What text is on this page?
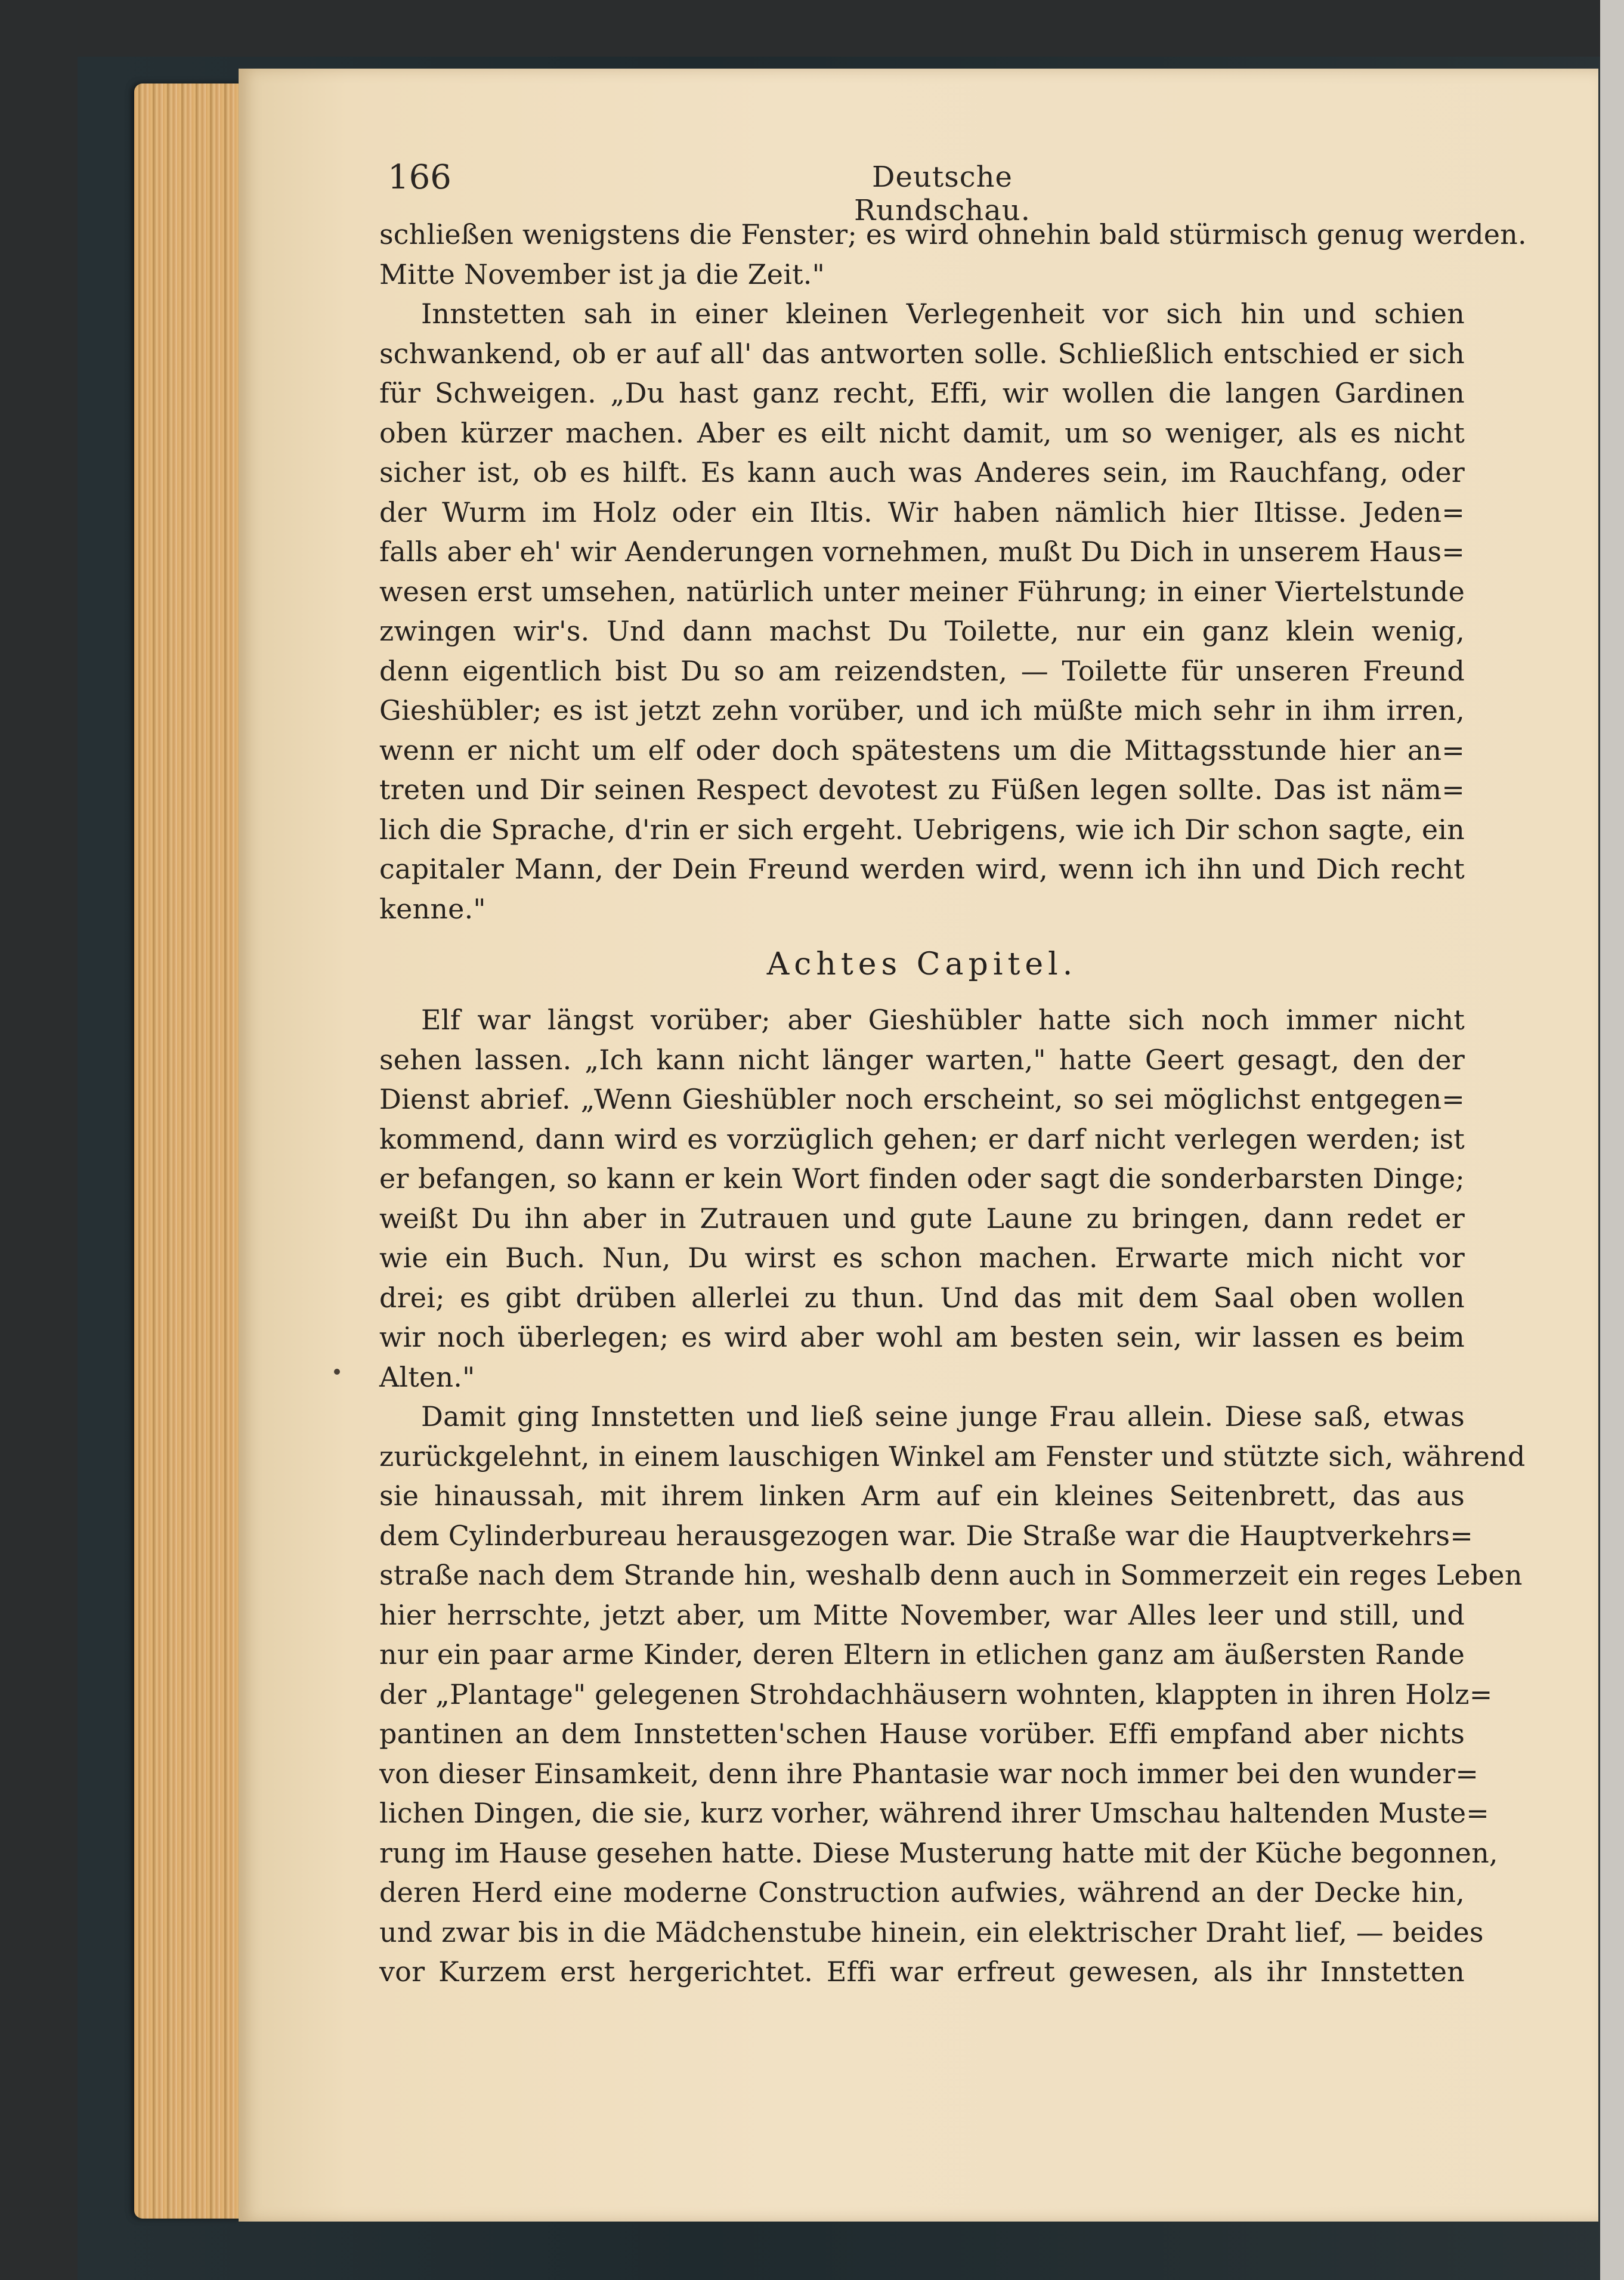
166	Deutsche Rundschau.
schließen wenigstens die Fenster; es wird ohnehin bald stürmisch genug werden.
Mitte November ist ja die Zeit."
Innstetten sah in einer kleinen Verlegenheit vor sich hin und schien
schwankend, ob er auf all' das antworten solle. Schließlich entschied er sich
für Schweigen. „Du hast ganz recht, Effi, wir wollen die langen Gardinen
oben kürzer machen. Aber es eilt nicht damit, um so weniger, als es nicht
sicher ist, ob es hilft. Es kann auch was Anderes sein, im Rauchfang, oder
der Wurm im Holz oder ein Iltis. Wir haben nämlich hier Iltisse. Jeden=
falls aber eh' wir Aenderungen vornehmen, mußt Du Dich in unserem Haus=
wesen erst umsehen, natürlich unter meiner Führung; in einer Viertelstunde
zwingen wir's. Und dann machst Du Toilette, nur ein ganz klein wenig,
denn eigentlich bist Du so am reizendsten, — Toilette für unseren Freund
Gieshübler; es ist jetzt zehn vorüber, und ich müßte mich sehr in ihm irren,
wenn er nicht um elf oder doch spätestens um die Mittagsstunde hier an=
treten und Dir seinen Respect devotest zu Füßen legen sollte. Das ist näm=
lich die Sprache, d'rin er sich ergeht. Uebrigens, wie ich Dir schon sagte, ein
capitaler Mann, der Dein Freund werden wird, wenn ich ihn und Dich recht
kenne."
Achtes Capitel.
Elf war längst vorüber; aber Gieshübler hatte sich noch immer nicht
sehen lassen. „Ich kann nicht länger warten," hatte Geert gesagt, den der
Dienst abrief. „Wenn Gieshübler noch erscheint, so sei möglichst entgegen=
kommend, dann wird es vorzüglich gehen; er darf nicht verlegen werden; ist
er befangen, so kann er kein Wort finden oder sagt die sonderbarsten Dinge;
weißt Du ihn aber in Zutrauen und gute Laune zu bringen, dann redet er
wie ein Buch. Nun, Du wirst es schon machen. Erwarte mich nicht vor
drei; es gibt drüben allerlei zu thun. Und das mit dem Saal oben wollen
wir noch überlegen; es wird aber wohl am besten sein, wir lassen es beim
Alten."
Damit ging Innstetten und ließ seine junge Frau allein. Diese saß, etwas
zurückgelehnt, in einem lauschigen Winkel am Fenster und stützte sich, während
sie hinaussah, mit ihrem linken Arm auf ein kleines Seitenbrett, das aus
dem Cylinderbureau herausgezogen war. Die Straße war die Hauptverkehrs=
straße nach dem Strande hin, weshalb denn auch in Sommerzeit ein reges Leben
hier herrschte, jetzt aber, um Mitte November, war Alles leer und still, und
nur ein paar arme Kinder, deren Eltern in etlichen ganz am äußersten Rande
der „Plantage" gelegenen Strohdachhäusern wohnten, klappten in ihren Holz=
pantinen an dem Innstetten'schen Hause vorüber. Effi empfand aber nichts
von dieser Einsamkeit, denn ihre Phantasie war noch immer bei den wunder=
lichen Dingen, die sie, kurz vorher, während ihrer Umschau haltenden Muste=
rung im Hause gesehen hatte. Diese Musterung hatte mit der Küche begonnen,
deren Herd eine moderne Construction aufwies, während an der Decke hin,
und zwar bis in die Mädchenstube hinein, ein elektrischer Draht lief, — beides
vor Kurzem erst hergerichtet. Effi war erfreut gewesen, als ihr Innstetten
